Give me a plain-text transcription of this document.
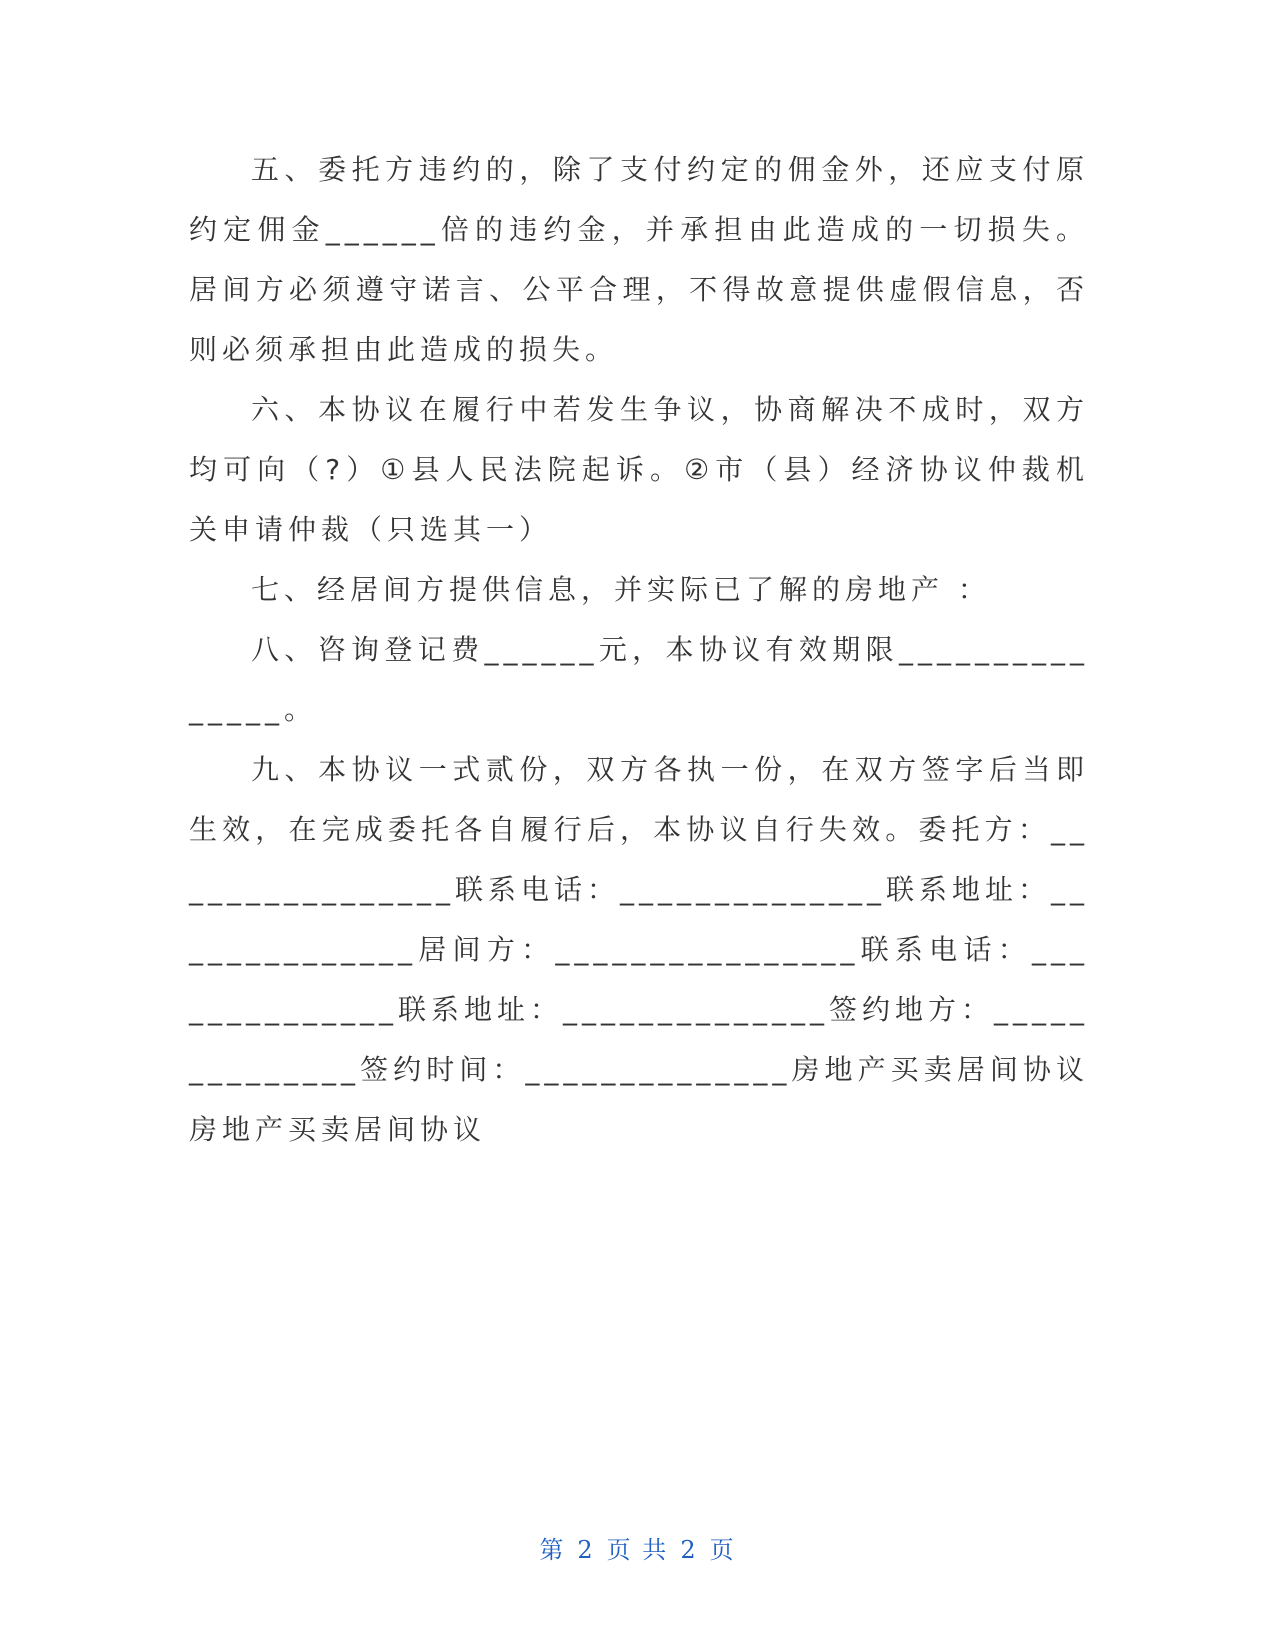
五、委托方违约的，除了支付约定的佣金外，还应支付原约定佣金______倍的违约金，并承担由此造成的一切损失。居间方必须遵守诺言、公平合理，不得故意提供虚假信息，否则必须承担由此造成的损失。

六、本协议在履行中若发生争议，协商解决不成时，双方均可向（?）①县人民法院起诉。②市（县）经济协议仲裁机关申请仲裁（只选其一）

七、经居间方提供信息，并实际已了解的房地产 ：

八、咨询登记费______元，本协议有效期限_______________。

九、本协议一式贰份，双方各执一份，在双方签字后当即生效，在完成委托各自履行后，本协议自行失效。委托方：________________联系电话：______________联系地址：______________居间方：________________联系电话：______________联系地址：______________签约地方：______________签约时间：______________房地产买卖居间协议房地产买卖居间协议

第 2 页 共 2 页
